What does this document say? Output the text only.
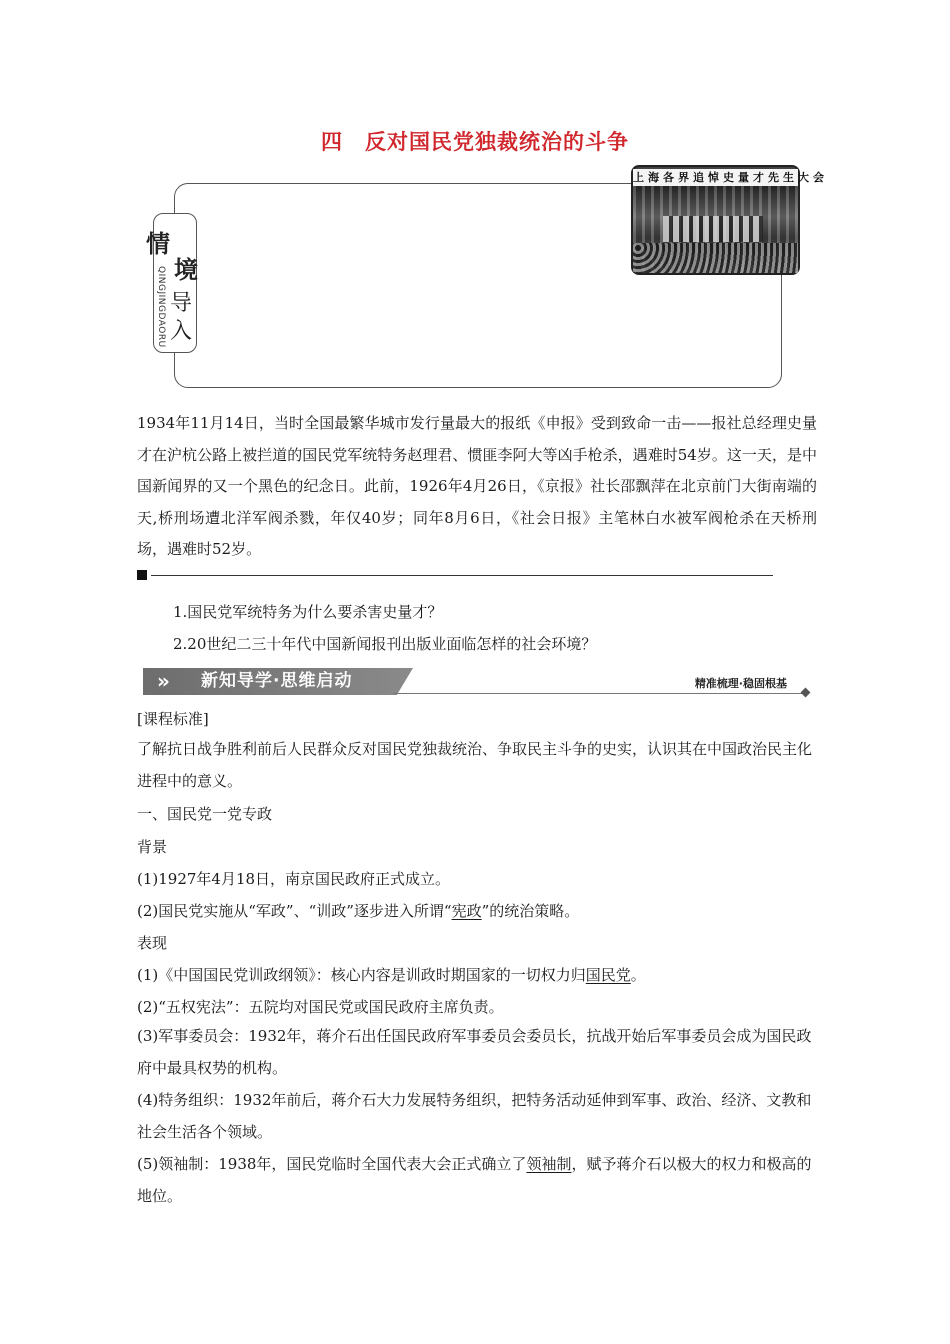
四　反对国民党独裁统治的斗争
情
境
QINGJINGDAORU 导
入
上海各界追悼史量才先生大会

1934年11月14日，当时全国最繁华城市发行量最大的报纸《申报》受到致命一击——报社总经理史量才在沪杭公路上被拦道的国民党军统特务赵理君、惯匪李阿大等凶手枪杀，遇难时54岁。这一天，是中国新闻界的又一个黑色的纪念日。此前，1926年4月26日，《京报》社长邵飘萍在北京前门大街南端的天,桥刑场遭北洋军阀杀戮，年仅40岁；同年8月6日，《社会日报》主笔林白水被军阀枪杀在天桥刑场，遇难时52岁。

1.国民党军统特务为什么要杀害史量才？

2.20世纪二三十年代中国新闻报刊出版业面临怎样的社会环境？

» 新知导学·思维启动	精准梳理·稳固根基

[课程标准]

了解抗日战争胜利前后人民群众反对国民党独裁统治、争取民主斗争的史实，认识其在中国政治民主化进程中的意义。

一、国民党一党专政

背景

(1)1927年4月18日，南京国民政府正式成立。

(2)国民党实施从“军政”、“训政”逐步进入所谓“宪政”的统治策略。

表现

(1)《中国国民党训政纲领》：核心内容是训政时期国家的一切权力归国民党。

(2)“五权宪法”：五院均对国民党或国民政府主席负责。

(3)军事委员会：1932年，蒋介石出任国民政府军事委员会委员长，抗战开始后军事委员会成为国民政府中最具权势的机构。

(4)特务组织：1932年前后，蒋介石大力发展特务组织，把特务活动延伸到军事、政治、经济、文教和社会生活各个领域。

(5)领袖制：1938年，国民党临时全国代表大会正式确立了领袖制，赋予蒋介石以极大的权力和极高的地位。
